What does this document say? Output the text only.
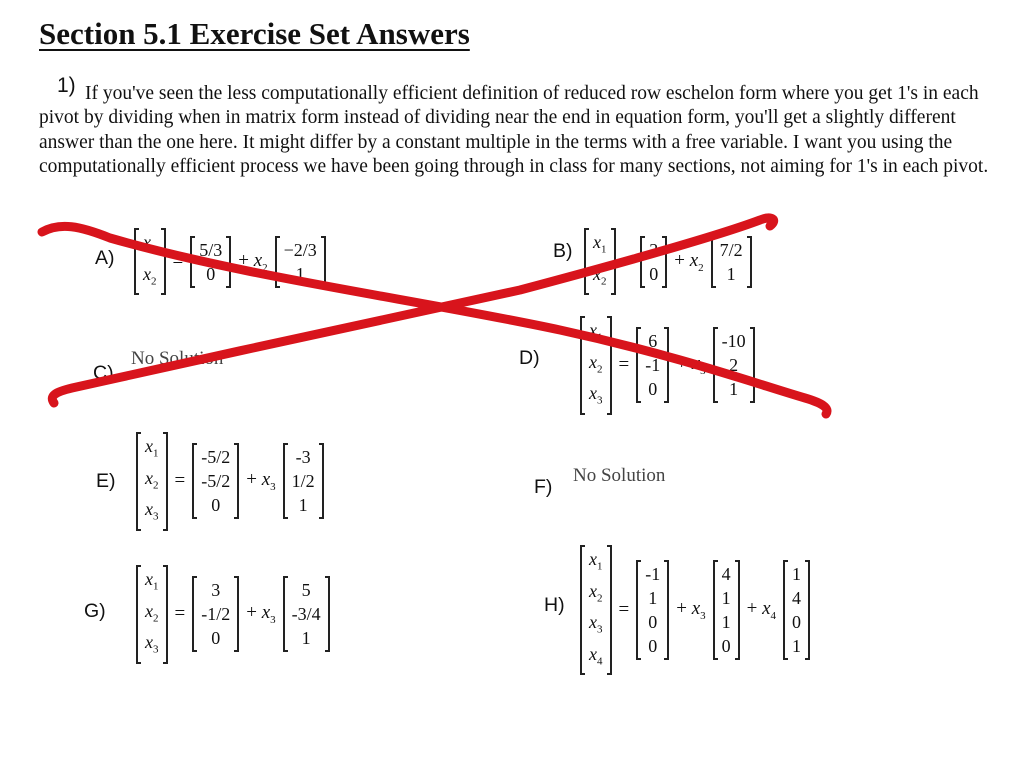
Section 5.1 Exercise Set Answers
1) If you've seen the less computationally efficient definition of reduced row eschelon form where you get 1's in each pivot by dividing when in matrix form instead of dividing near the end in equation form, you'll get a slightly different answer than the one here. It might differ by a constant multiple in the terms with a free variable. I want you using the computationally efficient process we have been going through in class for many sections, not aiming for 1's in each pivot.
A)
$x_1$
$x_2$
=
5/3
0
+ $x_2$
−2/3
1
B) $x_1$
$x_2$
=
3
0
+ $x_2$
7/2
1
C)
No Solution	D)
$x_1$
$x_2$
$x_3$
=
6
-1
0
+ $x_3$
-10
2
1
E)
$x_1$
$x_2$
$x_3$
=
-5/2
-5/2
0
+ $x_3$
-3
1/2
1
F)
No Solution
G)
$x_1$
$x_2$
$x_3$
=
3
-1/2
0
+ $x_3$
5
-3/4
1
H)
$x_1$
$x_2$
$x_3$
$x_4$
=
-1
1
0
0
+ $x_3$
4
1
1
0
+ $x_4$
1
4
0
1
